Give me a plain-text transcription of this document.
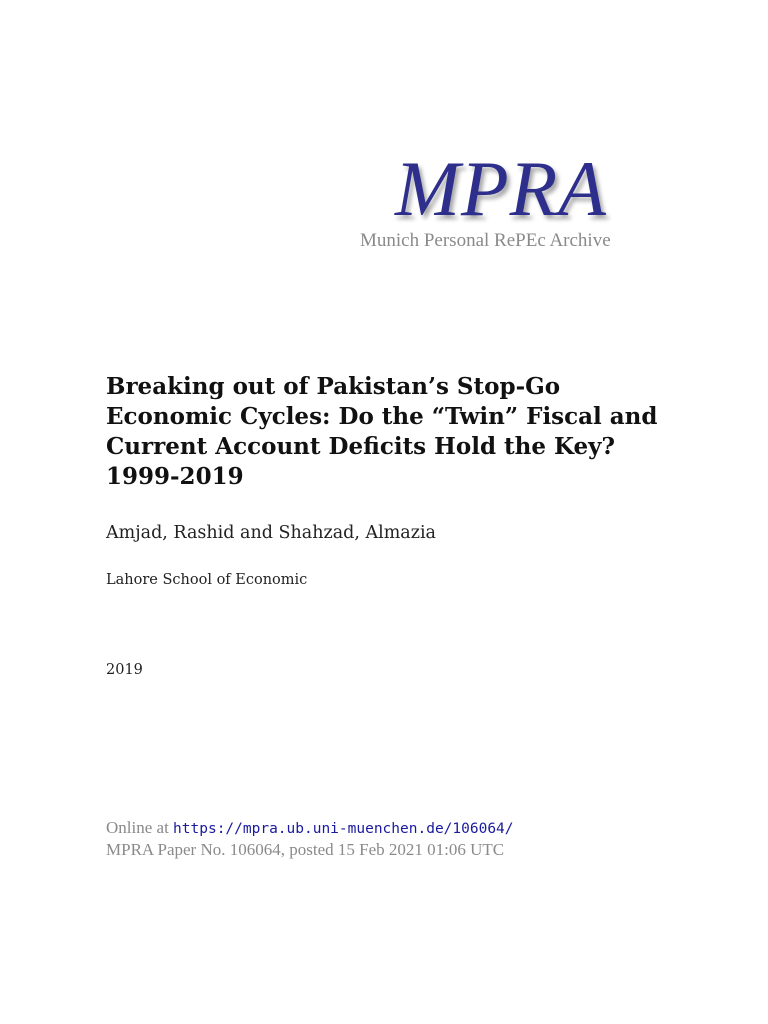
MPRA
Munich Personal RePEc Archive
Breaking out of Pakistan’s Stop-Go Economic Cycles: Do the “Twin” Fiscal and Current Account Deficits Hold the Key? 1999-2019
Amjad, Rashid and Shahzad, Almazia
Lahore School of Economic
2019
Online at https://mpra.ub.uni-muenchen.de/106064/
MPRA Paper No. 106064, posted 15 Feb 2021 01:06 UTC
